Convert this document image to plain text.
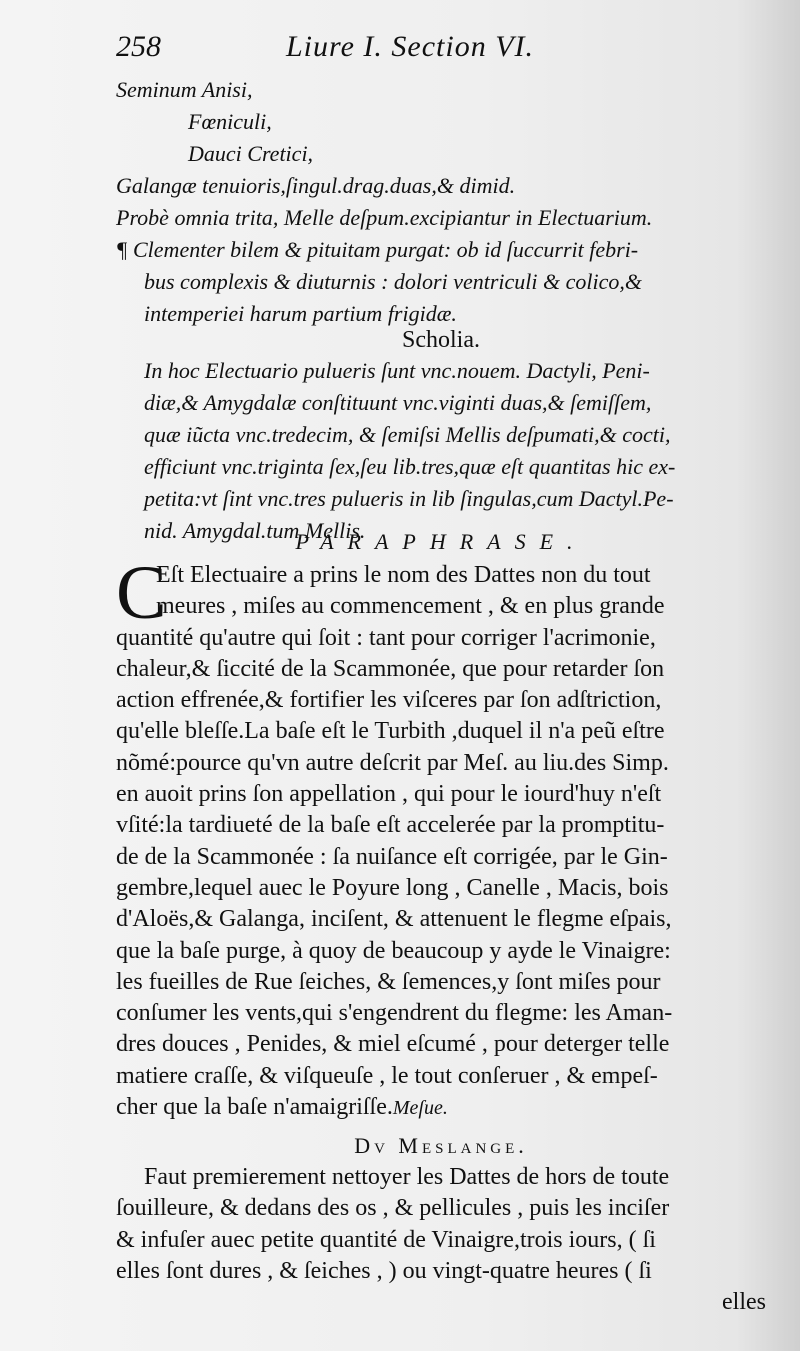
258	Liure I. Section VI.
Seminum Anisi,
Fœniculi,
Dauci Cretici,
Galangæ tenuioris,ſingul.drag.duas,& dimid.
Probè omnia trita, Melle deſpum.excipiantur in Electuarium.
¶ Clementer bilem & pituitam purgat: ob id ſuccurrit febri-
bus complexis & diuturnis : dolori ventriculi & colico,&
intemperiei harum partium frigidæ.
Scholia.
In hoc Electuario pulueris ſunt vnc.nouem. Dactyli, Peni-
diæ,& Amygdalæ conſtituunt vnc.viginti duas,& ſemiſſem,
quæ iũcta vnc.tredecim, & ſemiſsi Mellis deſpumati,& cocti,
efficiunt vnc.triginta ſex,ſeu lib.tres,quæ eſt quantitas hic ex-
petita:vt ſint vnc.tres pulueris in lib ſingulas,cum Dactyl.Pe-
nid. Amygdal.tum Mellis.
PARAPHRASE.
C
Eſt Electuaire a prins le nom des Dattes non du tout
meures , miſes au commencement , & en plus grande
quantité qu'autre qui ſoit : tant pour corriger l'acrimonie,
chaleur,& ſiccité de la Scammonée, que pour retarder ſon
action effrenée,& fortifier les viſceres par ſon adſtriction,
qu'elle bleſſe.La baſe eſt le Turbith ,duquel il n'a peũ eſtre
nõmé:pource qu'vn autre deſcrit par Meſ. au liu.des Simp.
en auoit prins ſon appellation , qui pour le iourd'huy n'eſt
vſité:la tardiueté de la baſe eſt accelerée par la promptitu-
de de la Scammonée : ſa nuiſance eſt corrigée, par le Gin-
gembre,lequel auec le Poyure long , Canelle , Macis, bois
d'Aloës,& Galanga, inciſent, & attenuent le flegme eſpais,
que la baſe purge, à quoy de beaucoup y ayde le Vinaigre:
les fueilles de Rue ſeiches, & ſemences,y ſont miſes pour
conſumer les vents,qui s'engendrent du flegme: les Aman-
dres douces , Penides, & miel eſcumé , pour deterger telle
matiere craſſe, & viſqueuſe , le tout conſeruer , & empeſ-
cher que la baſe n'amaigriſſe.Meſue.
Dv Meslange.
Faut premierement nettoyer les Dattes de hors de toute
ſouilleure, & dedans des os , & pellicules , puis les inciſer
& infuſer auec petite quantité de Vinaigre,trois iours, ( ſi
elles ſont dures , & ſeiches , ) ou vingt-quatre heures ( ſi
elles
